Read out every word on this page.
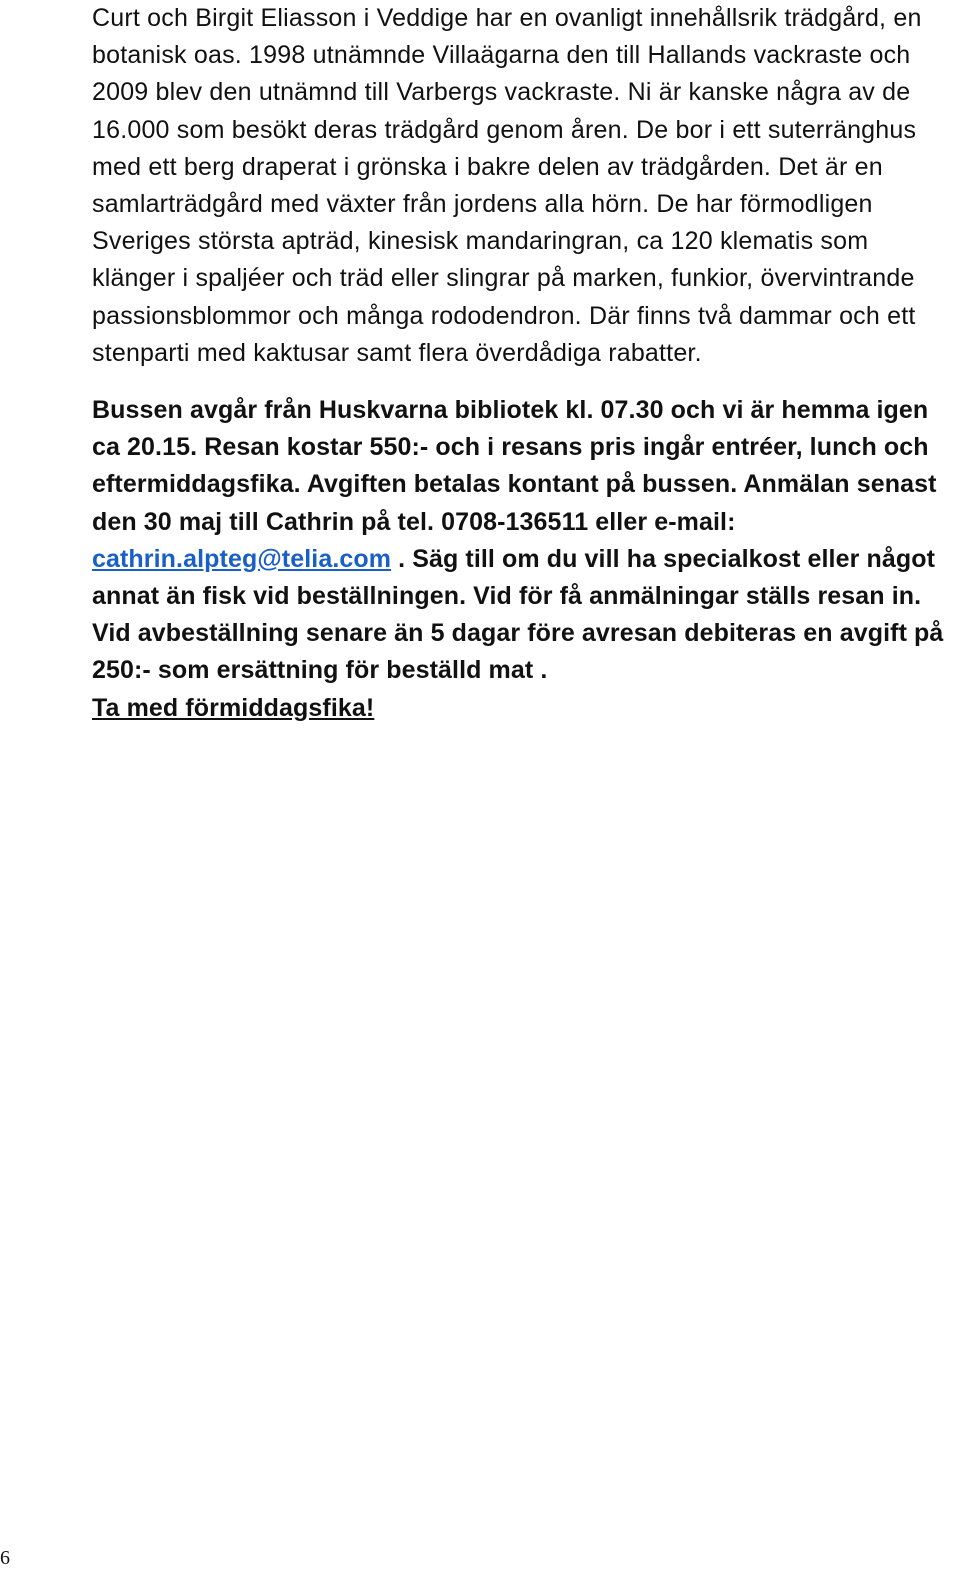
Curt och Birgit Eliasson i Veddige har en ovanligt innehållsrik trädgård, en botanisk oas. 1998 utnämnde Villaägarna den till Hallands vackraste och 2009 blev den utnämnd till Varbergs vackraste. Ni är kanske några av de 16.000 som besökt deras trädgård genom åren. De bor i ett suterränghus med ett berg draperat i grönska i bakre delen av trädgården. Det är en samlarträdgård med växter från jordens alla hörn. De har förmodligen Sveriges största apträd, kinesisk mandaringran, ca 120 klematis som klänger i spaljéer och träd eller slingrar på marken, funkior, övervintrande passionsblommor och många rododendron. Där finns två dammar och ett stenparti med kaktusar samt flera överdådiga rabatter.

Bussen avgår från Huskvarna bibliotek kl. 07.30 och vi är hemma igen ca 20.15. Resan kostar 550:- och i resans pris ingår entréer, lunch och eftermiddagsfika. Avgiften betalas kontant på bussen. Anmälan senast den 30 maj till Cathrin på tel. 0708-136511 eller e-mail: cathrin.alpteg@telia.com . Säg till om du vill ha specialkost eller något annat än fisk vid beställningen. Vid för få anmälningar ställs resan in. Vid avbeställning senare än 5 dagar före avresan debiteras en avgift på 250:- som ersättning för beställd mat .
Ta med förmiddagsfika!

6
